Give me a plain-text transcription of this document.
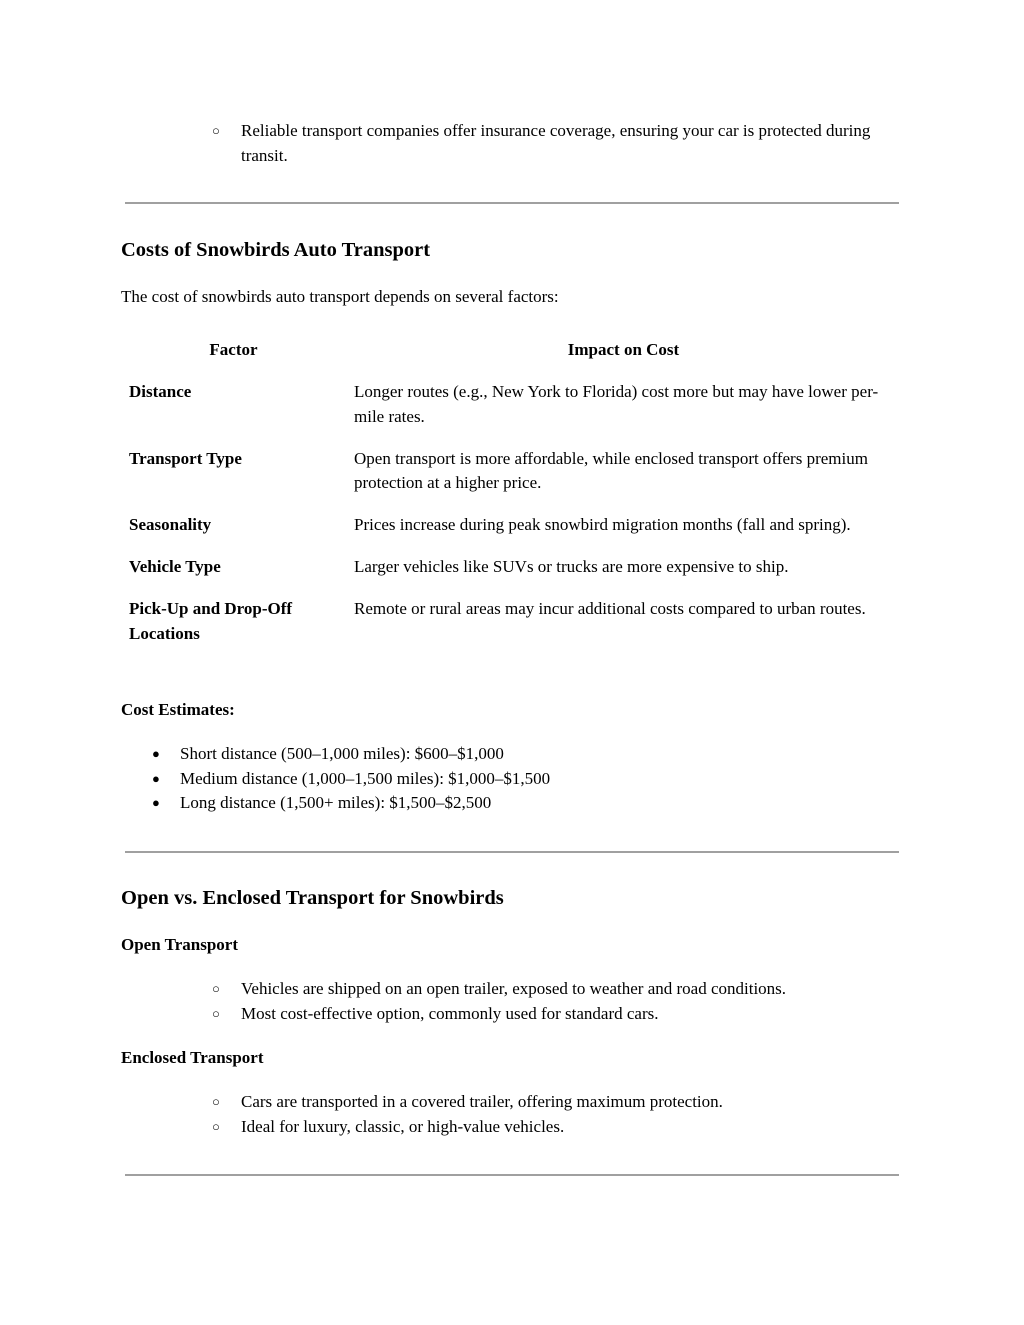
○ Reliable transport companies offer insurance coverage, ensuring your car is protected during transit.
Costs of Snowbirds Auto Transport
The cost of snowbirds auto transport depends on several factors:
Factor	Impact on Cost
Distance	Longer routes (e.g., New York to Florida) cost more but may have lower per-mile rates.
Transport Type	Open transport is more affordable, while enclosed transport offers premium protection at a higher price.
Seasonality	Prices increase during peak snowbird migration months (fall and spring).
Vehicle Type	Larger vehicles like SUVs or trucks are more expensive to ship.
Pick-Up and Drop-Off Locations	Remote or rural areas may incur additional costs compared to urban routes.
Cost Estimates:
● Short distance (500–1,000 miles): $600–$1,000
● Medium distance (1,000–1,500 miles): $1,000–$1,500
● Long distance (1,500+ miles): $1,500–$2,500
Open vs. Enclosed Transport for Snowbirds
Open Transport
○ Vehicles are shipped on an open trailer, exposed to weather and road conditions.
○ Most cost-effective option, commonly used for standard cars.
Enclosed Transport
○ Cars are transported in a covered trailer, offering maximum protection.
○ Ideal for luxury, classic, or high-value vehicles.
